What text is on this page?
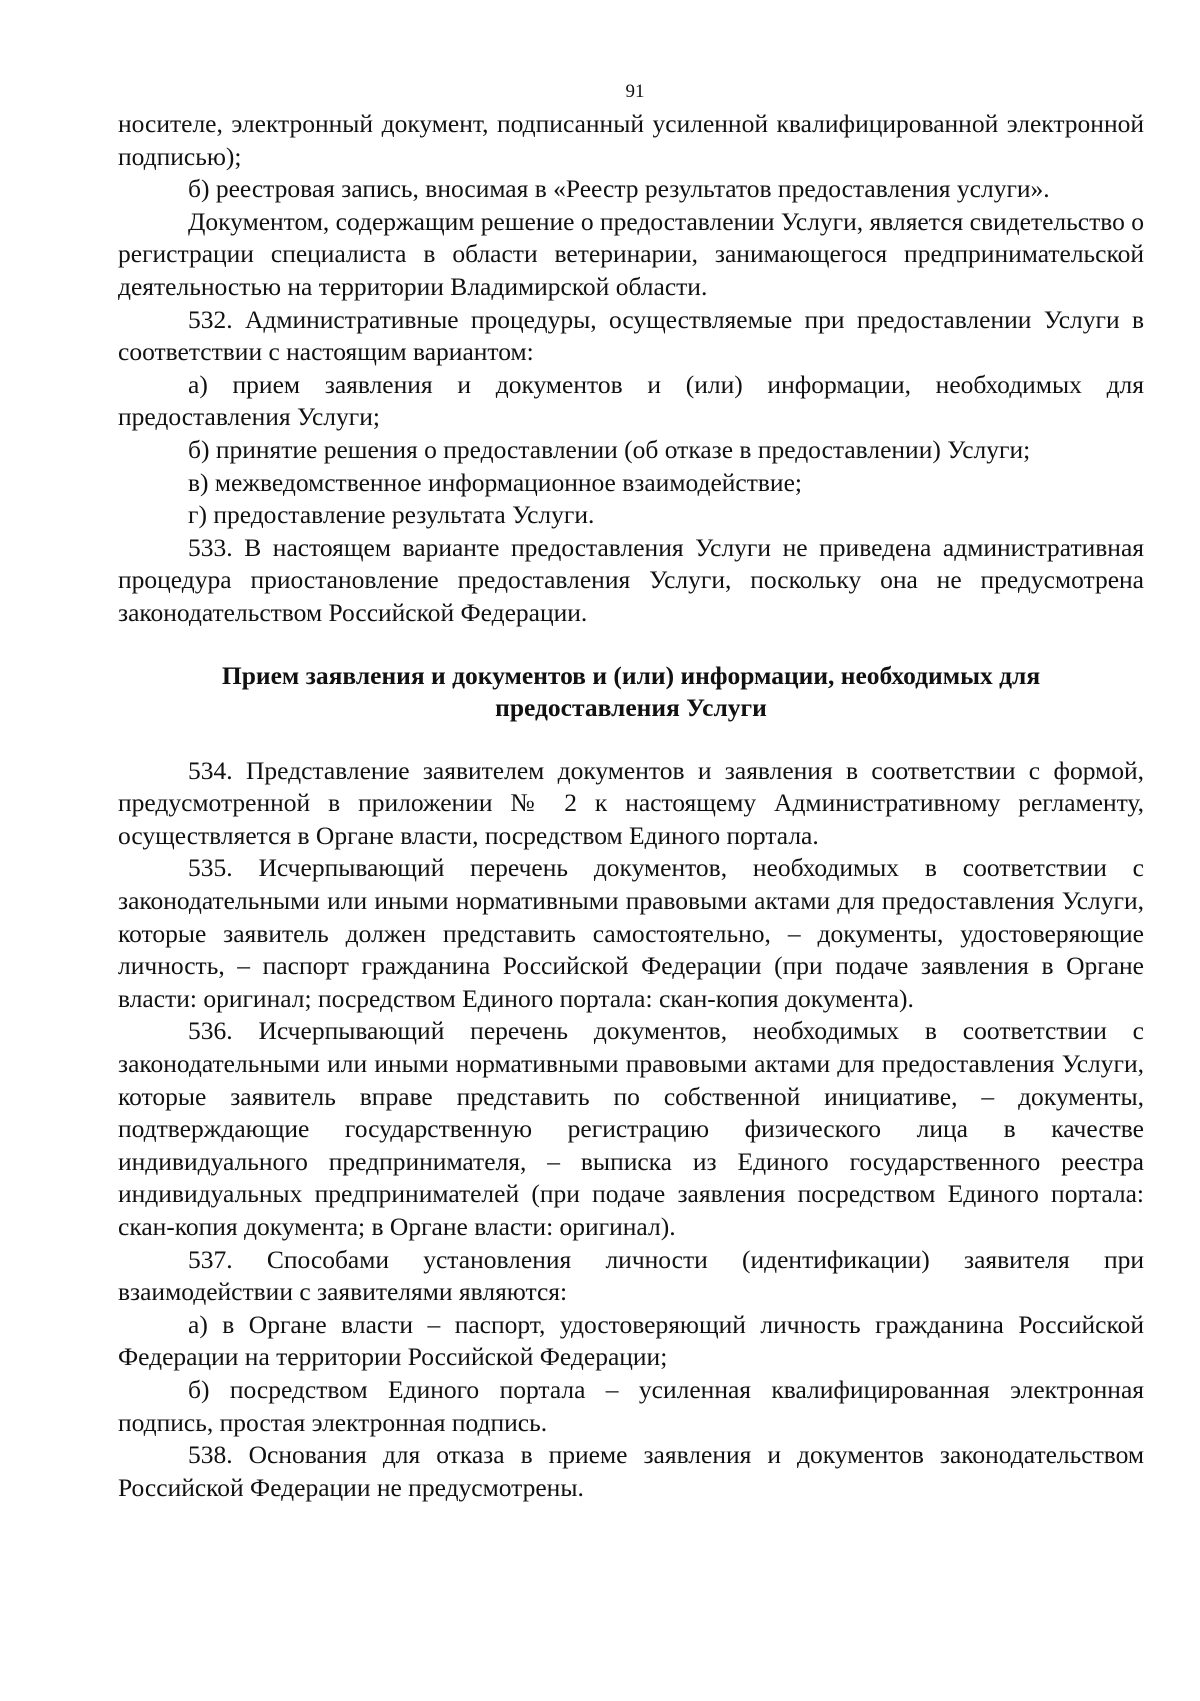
91

носителе, электронный документ, подписанный усиленной квалифицированной электронной подписью);

б) реестровая запись, вносимая в «Реестр результатов предоставления услуги».

Документом, содержащим решение о предоставлении Услуги, является свидетельство о регистрации специалиста в области ветеринарии, занимающегося предпринимательской деятельностью на территории Владимирской области.

532. Административные процедуры, осуществляемые при предоставлении Услуги в соответствии с настоящим вариантом:

а) прием заявления и документов и (или) информации, необходимых для предоставления Услуги;

б) принятие решения о предоставлении (об отказе в предоставлении) Услуги;

в) межведомственное информационное взаимодействие;

г) предоставление результата Услуги.

533. В настоящем варианте предоставления Услуги не приведена административная процедура приостановление предоставления Услуги, поскольку она не предусмотрена законодательством Российской Федерации.

Прием заявления и документов и (или) информации, необходимых для предоставления Услуги

534. Представление заявителем документов и заявления в соответствии с формой, предусмотренной в приложении № 2 к настоящему Административному регламенту, осуществляется в Органе власти, посредством Единого портала.

535. Исчерпывающий перечень документов, необходимых в соответствии с законодательными или иными нормативными правовыми актами для предоставления Услуги, которые заявитель должен представить самостоятельно, – документы, удостоверяющие личность, – паспорт гражданина Российской Федерации (при подаче заявления в Органе власти: оригинал; посредством Единого портала: скан-копия документа).

536. Исчерпывающий перечень документов, необходимых в соответствии с законодательными или иными нормативными правовыми актами для предоставления Услуги, которые заявитель вправе представить по собственной инициативе, – документы, подтверждающие государственную регистрацию физического лица в качестве индивидуального предпринимателя, – выписка из Единого государственного реестра индивидуальных предпринимателей (при подаче заявления посредством Единого портала: скан-копия документа; в Органе власти: оригинал).

537. Способами установления личности (идентификации) заявителя при взаимодействии с заявителями являются:

а) в Органе власти – паспорт, удостоверяющий личность гражданина Российской Федерации на территории Российской Федерации;

б) посредством Единого портала – усиленная квалифицированная электронная подпись, простая электронная подпись.

538. Основания для отказа в приеме заявления и документов законодательством Российской Федерации не предусмотрены.
